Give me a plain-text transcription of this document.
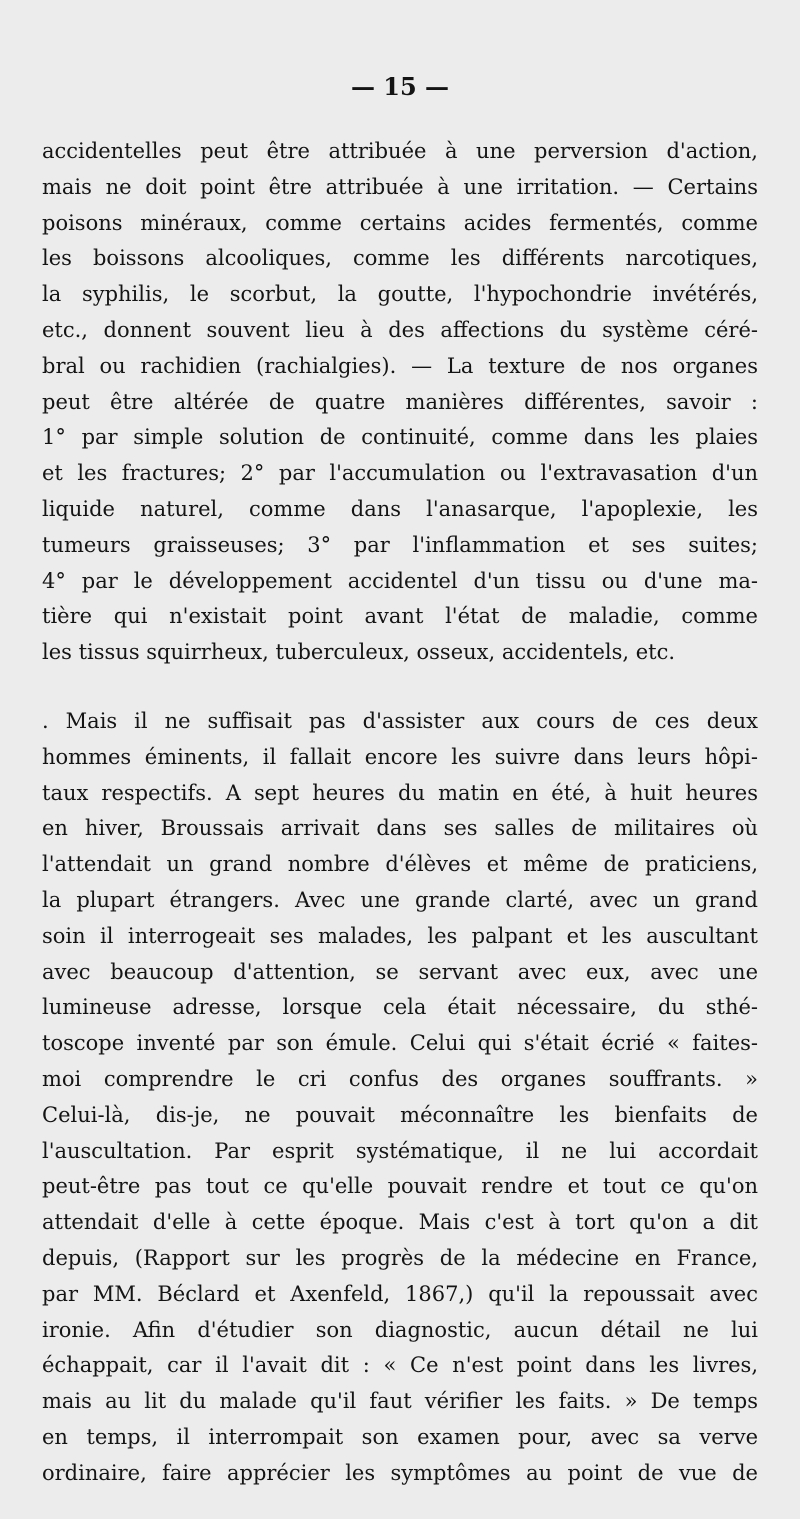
— 15 —
accidentelles peut être attribuée à une perversion d'action,
mais ne doit point être attribuée à une irritation. — Certains
poisons minéraux, comme certains acides fermentés, comme
les boissons alcooliques, comme les différents narcotiques,
la syphilis, le scorbut, la goutte, l'hypochondrie invétérés,
etc., donnent souvent lieu à des affections du système céré-
bral ou rachidien (rachialgies). — La texture de nos organes
peut être altérée de quatre manières différentes, savoir :
1° par simple solution de continuité, comme dans les plaies
et les fractures; 2° par l'accumulation ou l'extravasation d'un
liquide naturel, comme dans l'anasarque, l'apoplexie, les
tumeurs graisseuses; 3° par l'inflammation et ses suites;
4° par le développement accidentel d'un tissu ou d'une ma-
tière qui n'existait point avant l'état de maladie, comme
les tissus squirrheux, tuberculeux, osseux, accidentels, etc.
. Mais il ne suffisait pas d'assister aux cours de ces deux
hommes éminents, il fallait encore les suivre dans leurs hôpi-
taux respectifs. A sept heures du matin en été, à huit heures
en hiver, Broussais arrivait dans ses salles de militaires où
l'attendait un grand nombre d'élèves et même de praticiens,
la plupart étrangers. Avec une grande clarté, avec un grand
soin il interrogeait ses malades, les palpant et les auscultant
avec beaucoup d'attention, se servant avec eux, avec une
lumineuse adresse, lorsque cela était nécessaire, du sthé-
toscope inventé par son émule. Celui qui s'était écrié « faites-
moi comprendre le cri confus des organes souffrants. »
Celui-là, dis-je, ne pouvait méconnaître les bienfaits de
l'auscultation. Par esprit systématique, il ne lui accordait
peut-être pas tout ce qu'elle pouvait rendre et tout ce qu'on
attendait d'elle à cette époque. Mais c'est à tort qu'on a dit
depuis, (Rapport sur les progrès de la médecine en France,
par MM. Béclard et Axenfeld, 1867,) qu'il la repoussait avec
ironie. Afin d'étudier son diagnostic, aucun détail ne lui
échappait, car il l'avait dit : « Ce n'est point dans les livres,
mais au lit du malade qu'il faut vérifier les faits. » De temps
en temps, il interrompait son examen pour, avec sa verve
ordinaire, faire apprécier les symptômes au point de vue de
